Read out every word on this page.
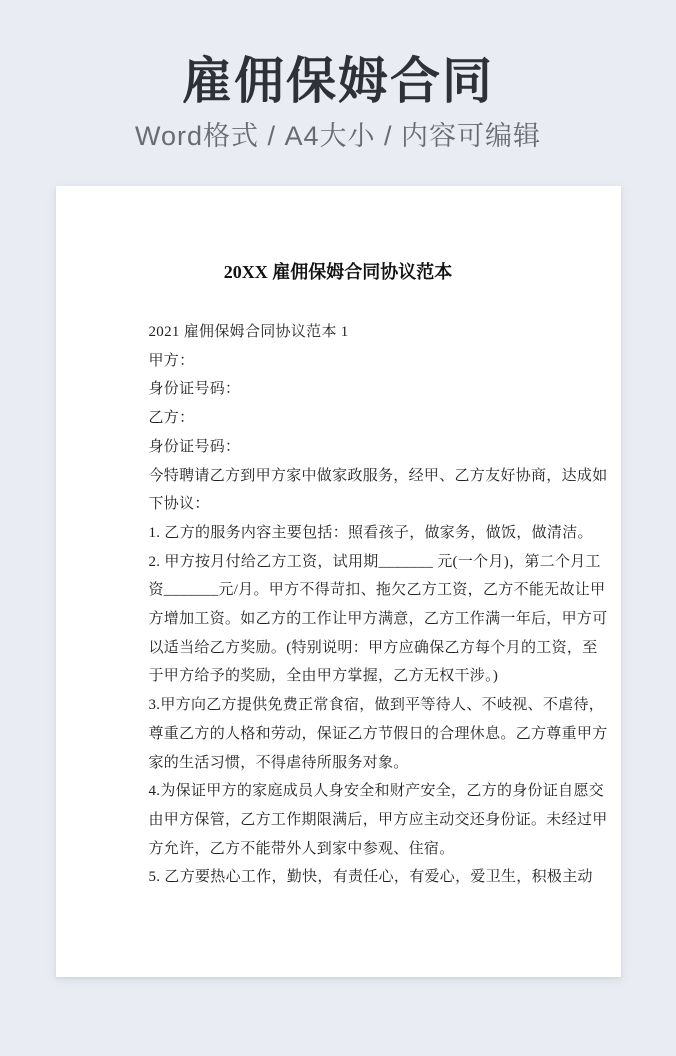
雇佣保姆合同
Word格式 / A4大小 / 内容可编辑
20XX 雇佣保姆合同协议范本
2021 雇佣保姆合同协议范本 1
甲方：
身份证号码：
乙方：
身份证号码：
今特聘请乙方到甲方家中做家政服务，经甲、乙方友好协商，达成如
下协议：
1. 乙方的服务内容主要包括：照看孩子，做家务，做饭，做清洁。
2. 甲方按月付给乙方工资，试用期_______ 元(一个月)，第二个月工
资_______元/月。甲方不得苛扣、拖欠乙方工资，乙方不能无故让甲
方增加工资。如乙方的工作让甲方满意，乙方工作满一年后，甲方可
以适当给乙方奖励。(特别说明：甲方应确保乙方每个月的工资，至
于甲方给予的奖励，全由甲方掌握，乙方无权干涉。)
3.甲方向乙方提供免费正常食宿，做到平等待人、不岐视、不虐待，
尊重乙方的人格和劳动，保证乙方节假日的合理休息。乙方尊重甲方
家的生活习惯，不得虐待所服务对象。
4.为保证甲方的家庭成员人身安全和财产安全，乙方的身份证自愿交
由甲方保管，乙方工作期限满后，甲方应主动交还身份证。未经过甲
方允许，乙方不能带外人到家中参观、住宿。
5. 乙方要热心工作，勤快，有责任心，有爱心，爱卫生，积极主动
